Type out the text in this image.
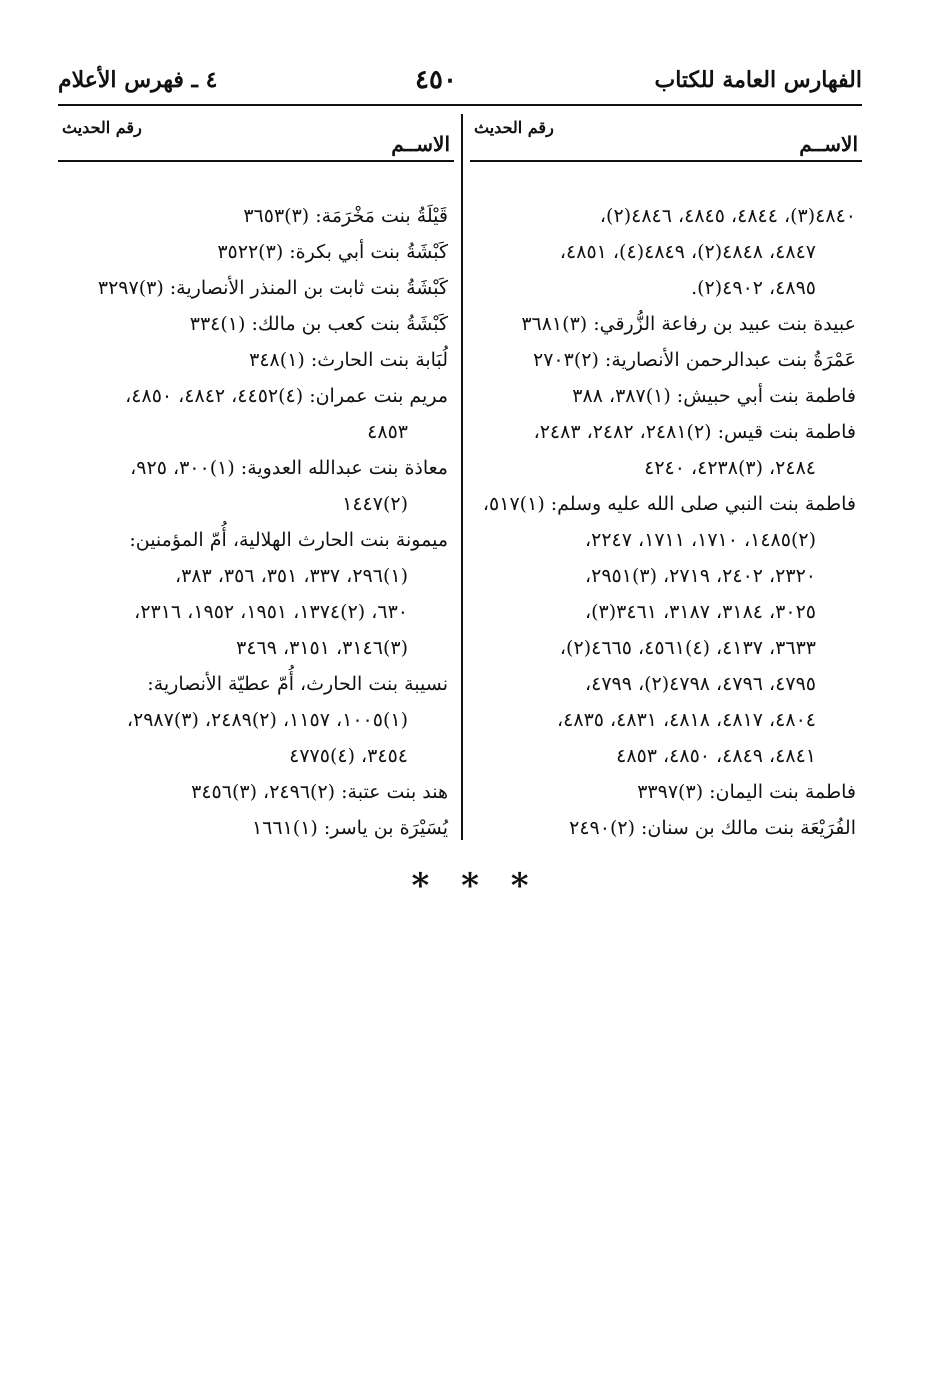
الفهارس العامة للكتاب
٤٥٠
٤ ـ فهرس الأعلام
الاســم
رقم الحديث
٤٨٤٠(٣)، ٤٨٤٤، ٤٨٤٥، ٤٨٤٦(٢)،
٤٨٤٧، ٤٨٤٨(٢)، ٤٨٤٩(٤)، ٤٨٥١،
٤٨٩٥، ٤٩٠٢(٢).
عبيدة بنت عبيد بن رفاعة الزُّرقي: (٣)٣٦٨١
عَمْرَةُ بنت عبدالرحمن الأنصارية: (٢)٢٧٠٣
فاطمة بنت أبي حبيش: (١)٣٨٧، ٣٨٨
فاطمة بنت قيس: (٢)٢٤٨١، ٢٤٨٢، ٢٤٨٣،
٢٤٨٤، (٣)٤٢٣٨، ٤٢٤٠
فاطمة بنت النبي صلى الله عليه وسلم: (١)٥١٧،
(٢)١٤٨٥، ١٧١٠، ١٧١١، ٢٢٤٧،
٢٣٢٠، ٢٤٠٢، ٢٧١٩، (٣)٢٩٥١،
٣٠٢٥، ٣١٨٤، ٣١٨٧، ٣٤٦١(٣)،
٣٦٣٣، ٤١٣٧، (٤)٤٥٦١، ٤٦٦٥(٢)،
٤٧٩٥، ٤٧٩٦، ٤٧٩٨(٢)، ٤٧٩٩،
٤٨٠٤، ٤٨١٧، ٤٨١٨، ٤٨٣١، ٤٨٣٥،
٤٨٤١، ٤٨٤٩، ٤٨٥٠، ٤٨٥٣
فاطمة بنت اليمان: (٣)٣٣٩٧
الفُرَيْعَة بنت مالك بن سنان: (٢)٢٤٩٠
الاســم
رقم الحديث
قَيْلَةُ بنت مَخْرَمَة: (٣)٣٦٥٣
كَبْشَةُ بنت أبي بكرة: (٣)٣٥٢٢
كَبْشَةُ بنت ثابت بن المنذر الأنصارية: (٣)٣٢٩٧
كَبْشَةُ بنت كعب بن مالك: (١)٣٣٤
لُبَابة بنت الحارث: (١)٣٤٨
مريم بنت عمران: (٤)٤٤٥٢، ٤٨٤٢، ٤٨٥٠،
٤٨٥٣
معاذة بنت عبدالله العدوية: (١)٣٠٠، ٩٢٥،
(٢)١٤٤٧
ميمونة بنت الحارث الهلالية، أُمّ المؤمنين:
(١)٢٩٦، ٣٣٧، ٣٥١، ٣٥٦، ٣٨٣،
٦٣٠، (٢)١٣٧٤، ١٩٥١، ١٩٥٢، ٢٣١٦،
(٣)٣١٤٦، ٣١٥١، ٣٤٦٩
نسيبة بنت الحارث، أُمّ عطيّة الأنصارية:
(١)١٠٠٥، ١١٥٧، (٢)٢٤٨٩، (٣)٢٩٨٧،
٣٤٥٤، (٤)٤٧٧٥
هند بنت عتبة: (٢)٢٤٩٦، (٣)٣٤٥٦
يُسَيْرَة بن ياسر: (١)١٦٦١
* * *
